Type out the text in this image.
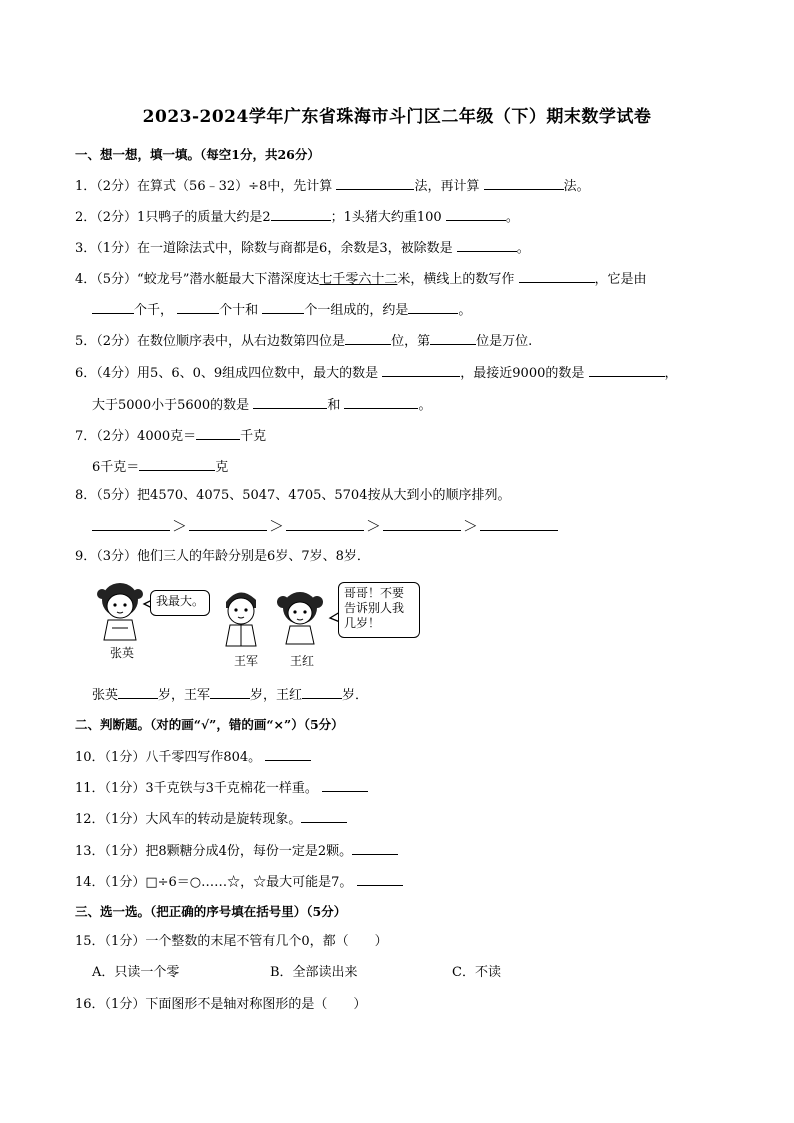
2023-2024学年广东省珠海市斗门区二年级（下）期末数学试卷
一、想一想，填一填。（每空1分，共26分）
1．（2分）在算式（56﹣32）÷8中，先计算	法，再计算	法。
2．（2分）1只鸭子的质量大约是2	；1头猪大约重100	。
3．（1分）在一道除法式中，除数与商都是6，余数是3，被除数是	。
4．（5分）“蛟龙号”潜水艇最大下潜深度达七千零六十二米，横线上的数写作	，它是由
个千，	个十和	个一组成的，约是	。
5．（2分）在数位顺序表中，从右边数第四位是	位，第	位是万位.
6．（4分）用5、6、0、9组成四位数中，最大的数是	，最接近9000的数是	，
大于5000小于5600的数是	和	。
7．（2分）4000克＝	千克
6千克＝	克
8．（5分）把4570、4075、5047、4705、5704按从大到小的顺序排列。
＞	＞	＞	＞
9．（3分）他们三人的年龄分别是6岁、7岁、8岁．
我最大。
哥哥！不要
告诉别人我
几岁！
张英
王军	王红
张英	岁，王军	岁，王红	岁．
二、判断题。（对的画“√”，错的画“×”）（5分）
10．（1分）八千零四写作804。
11．（1分）3千克铁与3千克棉花一样重。
12．（1分）大风车的转动是旋转现象。
13．（1分）把8颗糖分成4份，每份一定是2颗。
14．（1分）□÷6＝○……☆，☆最大可能是7。
三、选一选。（把正确的序号填在括号里）（5分）
15．（1分）一个整数的末尾不管有几个0，都（　　）
A．只读一个零	B．全部读出来	C．不读
16．（1分）下面图形不是轴对称图形的是（　　）
